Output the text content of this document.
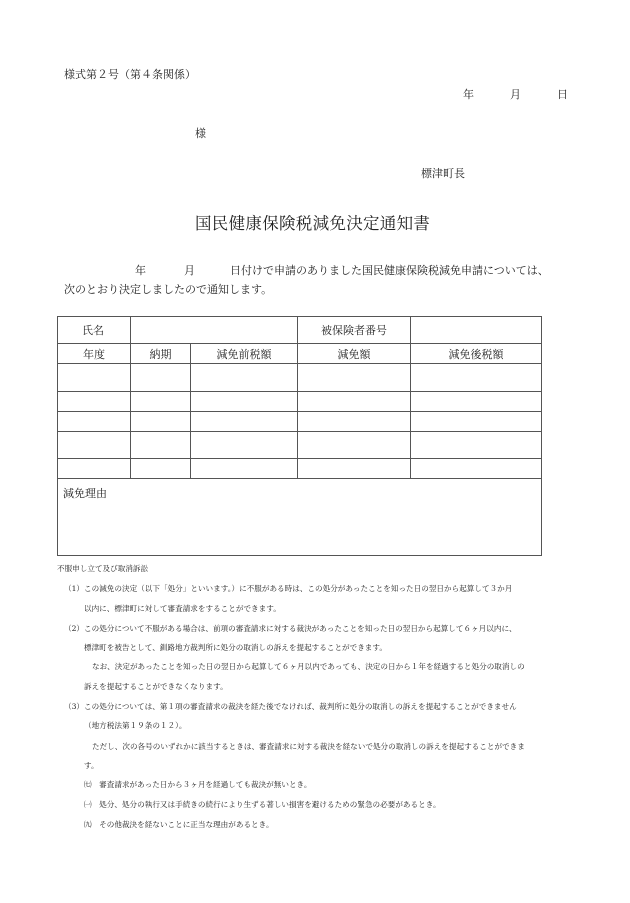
様式第２号（第４条関係）
年	月	日
様
標津町長
国民健康保険税減免決定通知書
年	月	日付けで申請のありました国民健康保険税減免申請については、
次のとおり決定しましたので通知します。
氏名			被保険者番号	
年度	納期	減免前税額	減免額	減免後税額

減免理由				

不服申し立て及び取消訴訟
（1）この減免の決定（以下「処分」といいます。）に不服がある時は、この処分があったことを知った日の翌日から起算して３か月
以内に、標津町に対して審査請求をすることができます。
（2）この処分について不服がある場合は、前項の審査請求に対する裁決があったことを知った日の翌日から起算して６ヶ月以内に、
標津町を被告として、釧路地方裁判所に処分の取消しの訴えを提起することができます。
なお、決定があったことを知った日の翌日から起算して６ヶ月以内であっても、決定の日から１年を経過すると処分の取消しの
訴えを提起することができなくなります。
（3）この処分については、第１項の審査請求の裁決を経た後でなければ、裁判所に処分の取消しの訴えを提起することができません
（地方税法第１９条の１２）。
ただし、次の各号のいずれかに該当するときは、審査請求に対する裁決を経ないで処分の取消しの訴えを提起することができま
す。
㈦　審査請求があった日から３ヶ月を経過しても裁決が無いとき。
㈠　処分、処分の執行又は手続きの続行により生ずる著しい損害を避けるための緊急の必要があるとき。
㈨　その他裁決を経ないことに正当な理由があるとき。
